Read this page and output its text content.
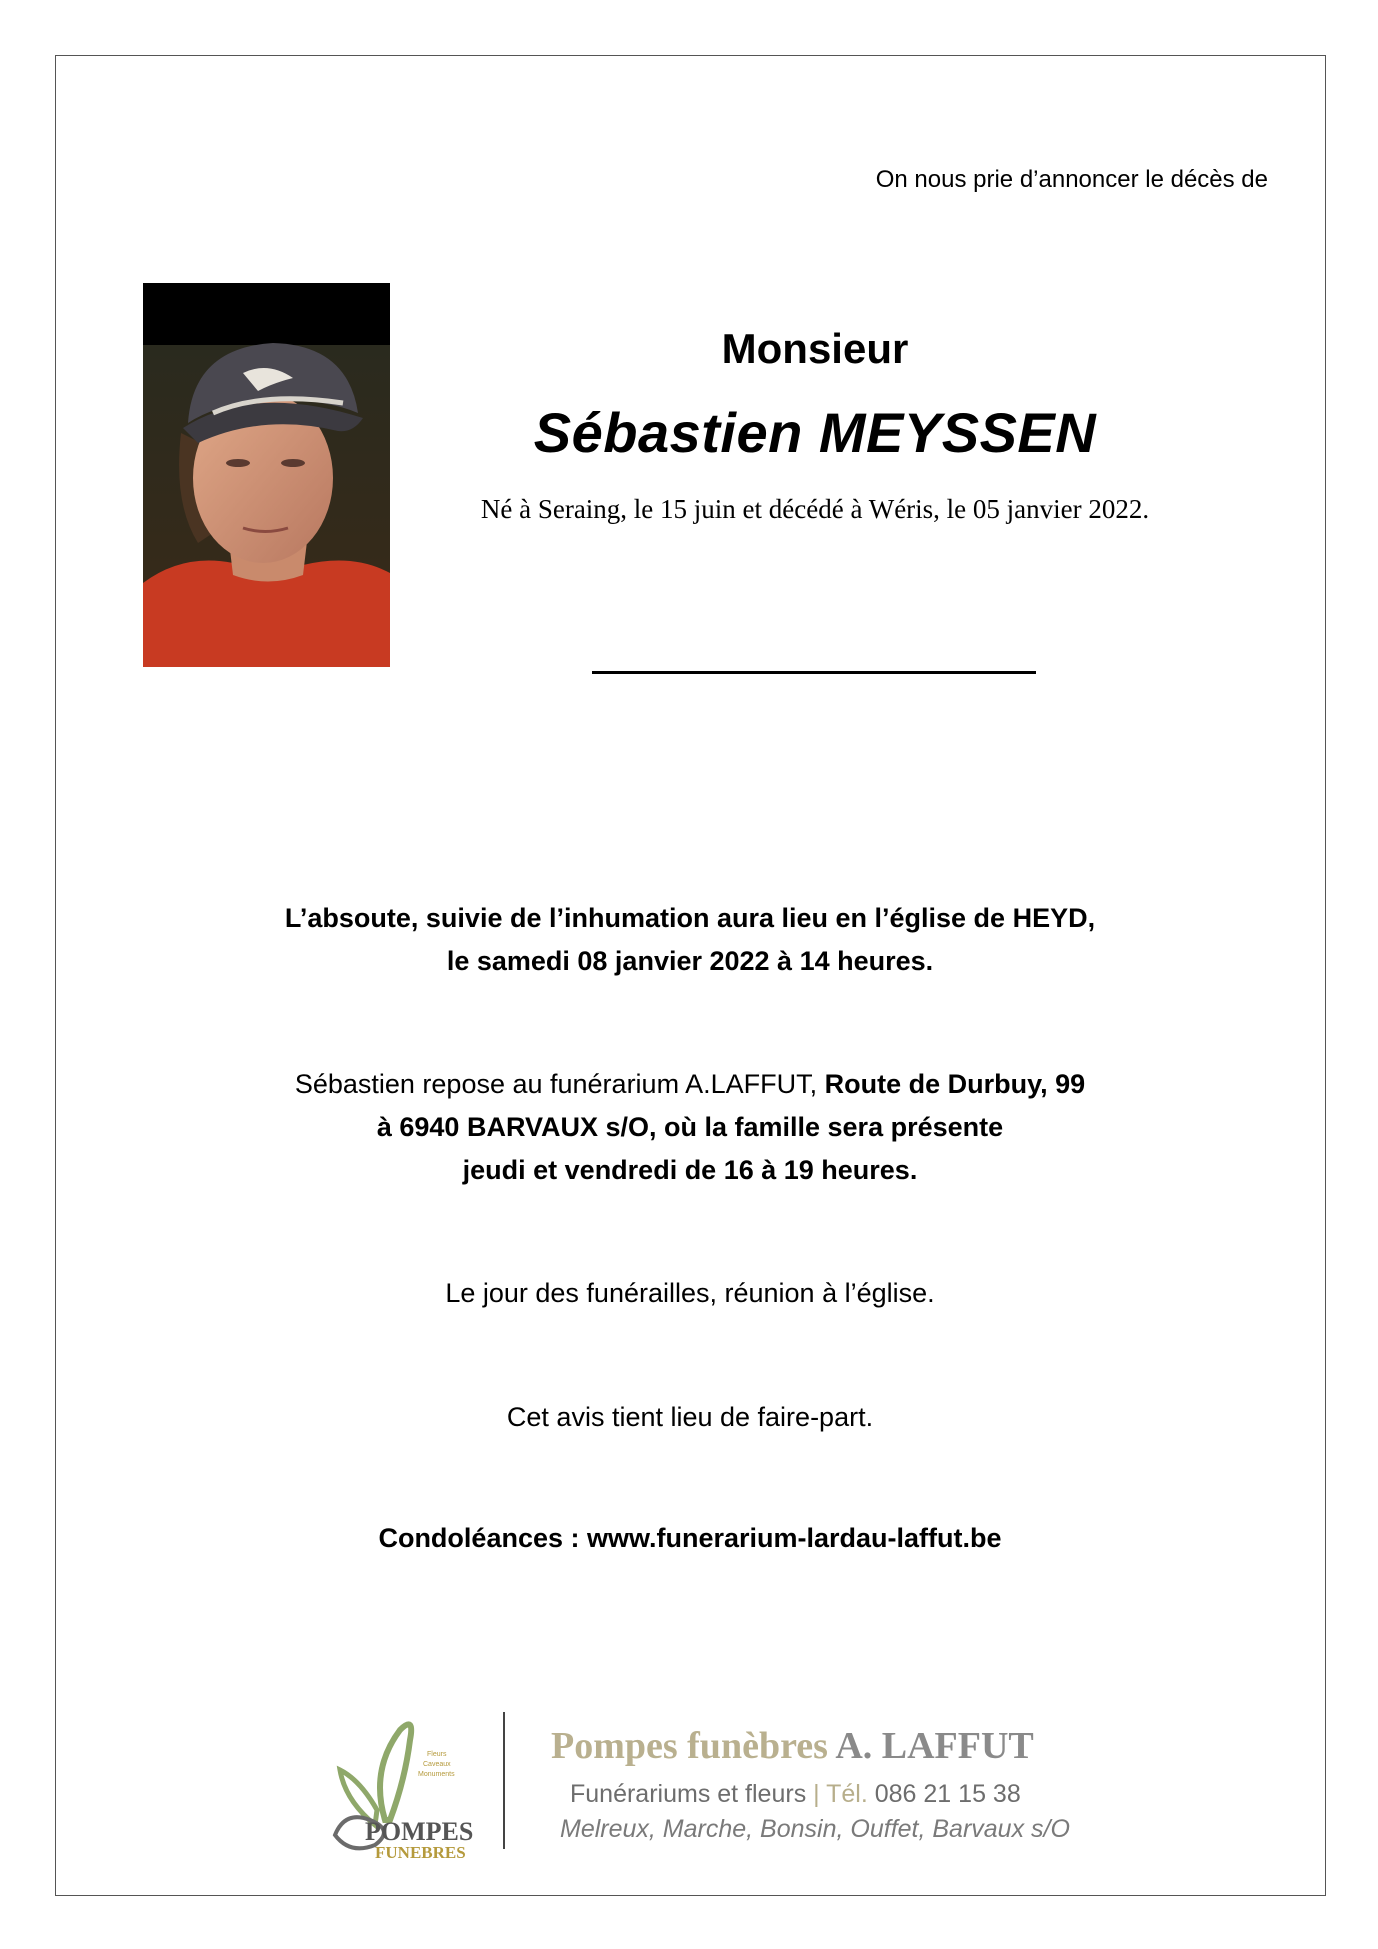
On nous prie d’annoncer le décès de
Monsieur
Sébastien MEYSSEN
Né à Seraing, le 15 juin et décédé à Wéris, le 05 janvier 2022.
L’absoute, suivie de l’inhumation aura lieu en l’église de HEYD,
le samedi 08 janvier 2022 à 14 heures.
Sébastien repose au funérarium A.LAFFUT, Route de Durbuy, 99
à 6940 BARVAUX s/O, où la famille sera présente
jeudi et vendredi de 16 à 19 heures.
Le jour des funérailles, réunion à l’église.
Cet avis tient lieu de faire-part.
Condoléances : www.funerarium-lardau-laffut.be
Fleurs
Caveaux
Monuments
POMPES
FUNEBRES
Pompes funèbres A. LAFFUT
Funérariums et fleurs | Tél. 086 21 15 38
Melreux, Marche, Bonsin, Ouffet, Barvaux s/O
